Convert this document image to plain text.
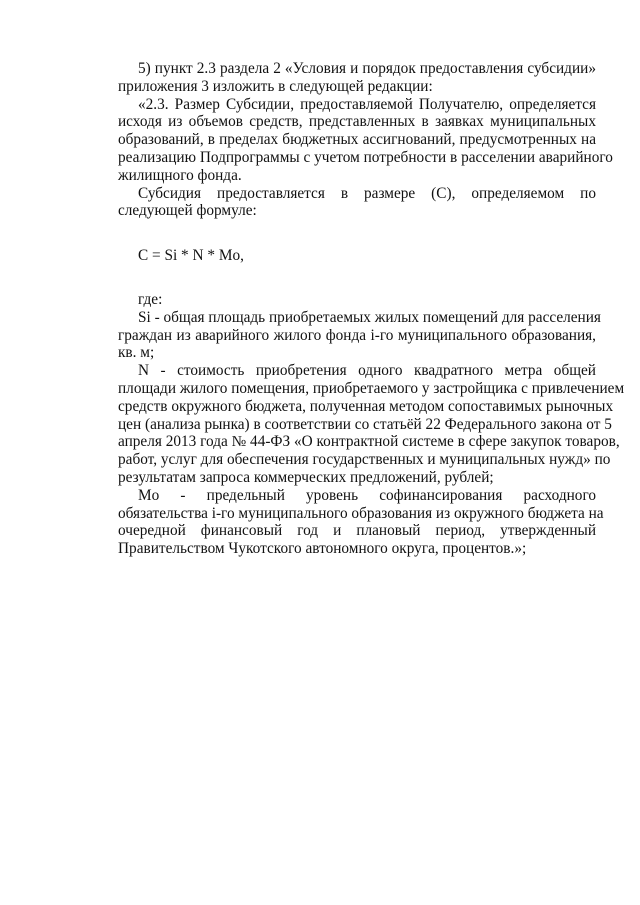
5) пункт 2.3 раздела 2 «Условия и порядок предоставления субсидии»
приложения 3 изложить в следующей редакции:
«2.3. Размер Субсидии, предоставляемой Получателю, определяется
исходя из объемов средств, представленных в заявках муниципальных
образований, в пределах бюджетных ассигнований, предусмотренных на
реализацию Подпрограммы с учетом потребности в расселении аварийного
жилищного фонда.
Субсидия предоставляется в размере (С), определяемом по
следующей формуле:
C = Si * N * Mo,
где:
Si - общая площадь приобретаемых жилых помещений для расселения
граждан из аварийного жилого фонда i-го муниципального образования,
кв. м;
N - стоимость приобретения одного квадратного метра общей
площади жилого помещения, приобретаемого у застройщика с привлечением
средств окружного бюджета, полученная методом сопоставимых рыночных
цен (анализа рынка) в соответствии со статьёй 22 Федерального закона от 5
апреля 2013 года № 44-ФЗ «О контрактной системе в сфере закупок товаров,
работ, услуг для обеспечения государственных и муниципальных нужд» по
результатам запроса коммерческих предложений, рублей;
Mo - предельный уровень софинансирования расходного
обязательства i-го муниципального образования из окружного бюджета на
очередной финансовый год и плановый период, утвержденный
Правительством Чукотского автономного округа, процентов.»;
